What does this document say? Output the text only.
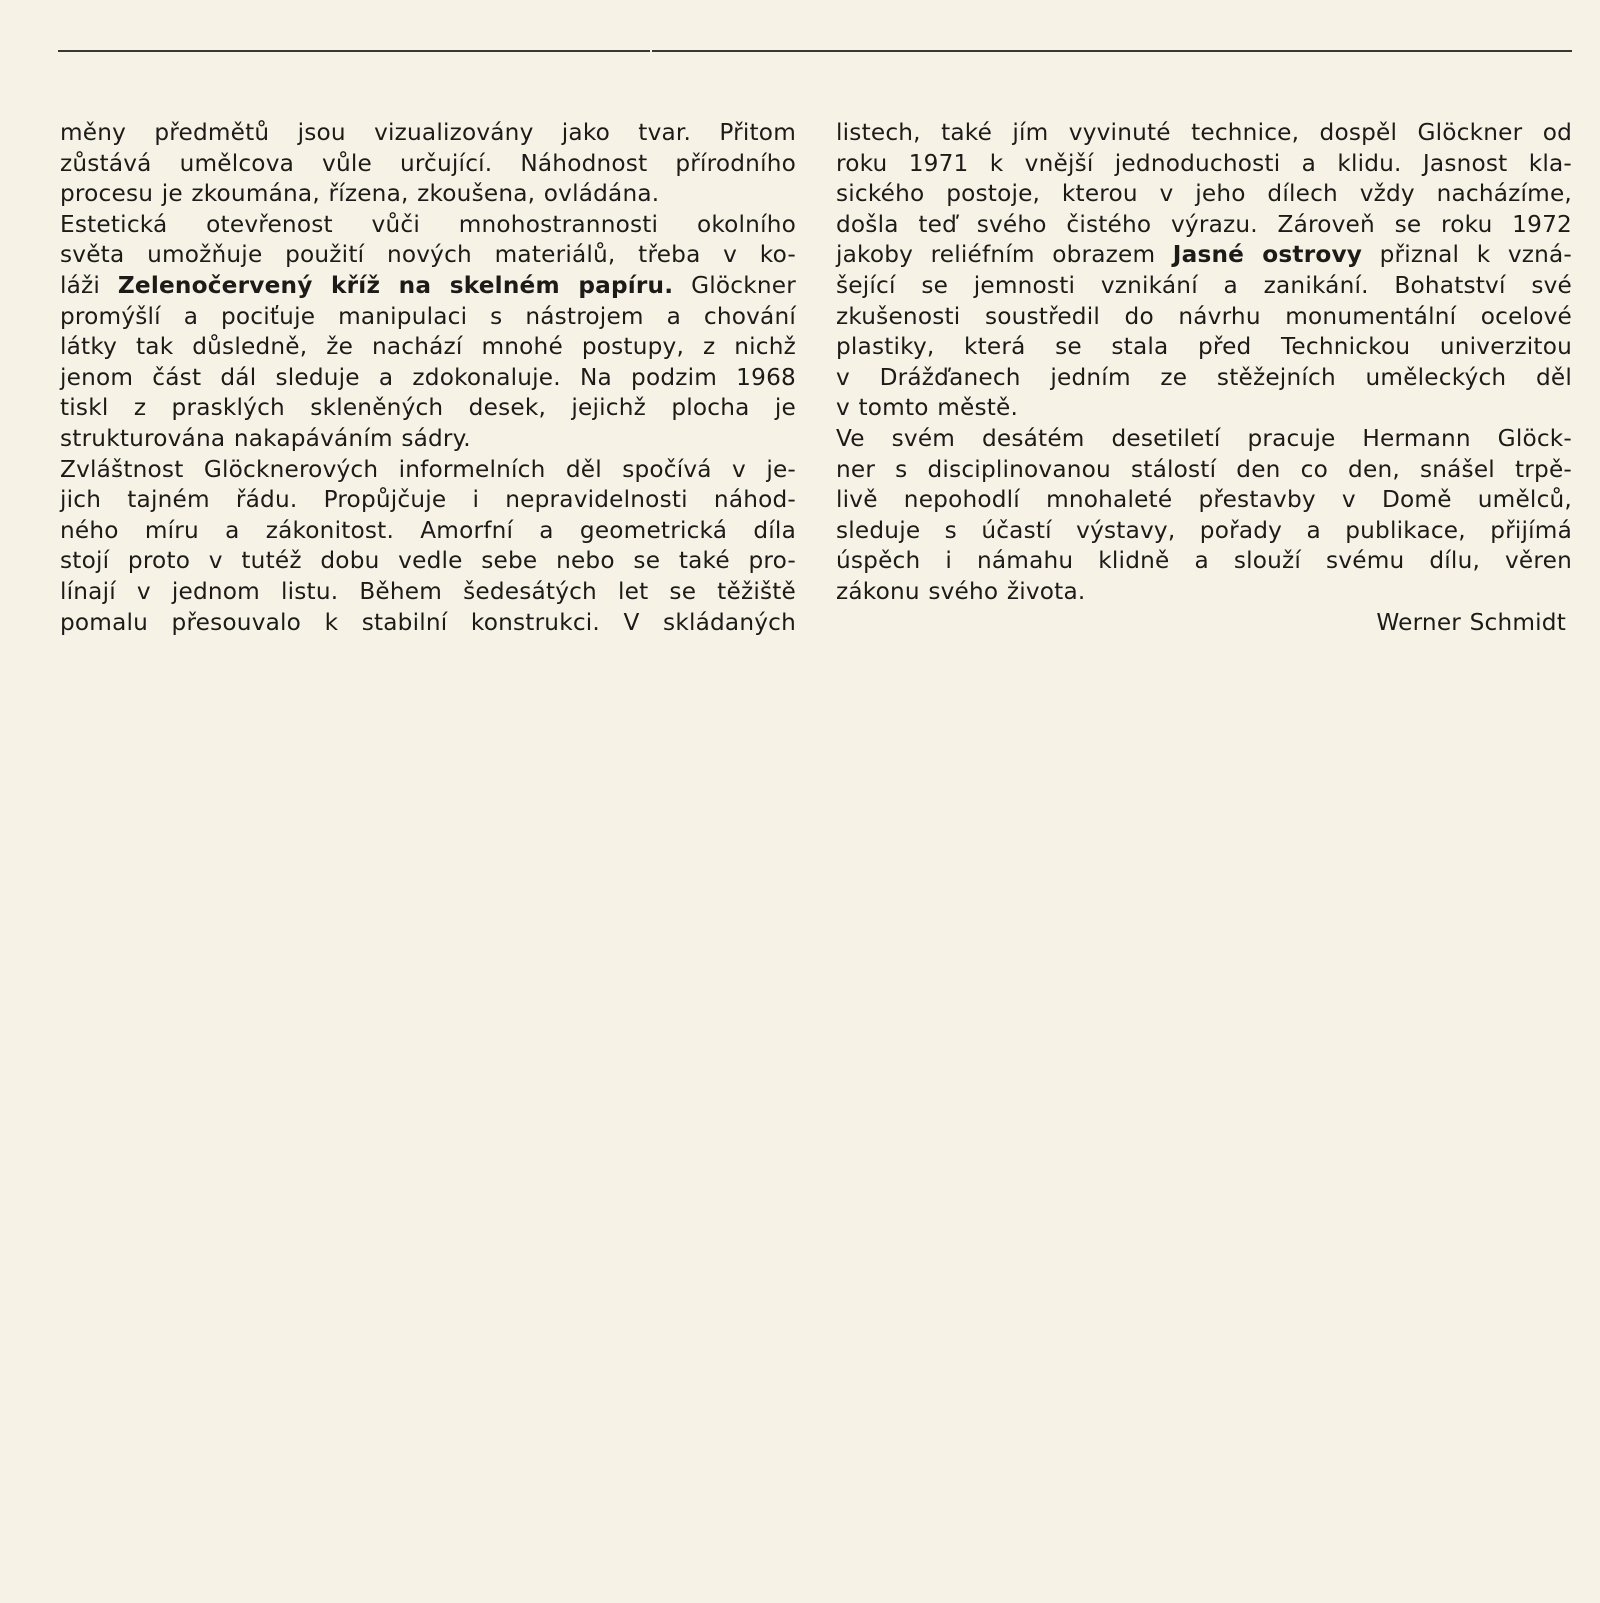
měny předmětů jsou vizualizovány jako tvar. Přitom
zůstává umělcova vůle určující. Náhodnost přírodního
procesu je zkoumána, řízena, zkoušena, ovládána.
Estetická otevřenost vůči mnohostrannosti okolního
světa umožňuje použití nových materiálů, třeba v ko-
láži Zelenočervený kříž na skelném papíru. Glöckner
promýšlí a pociťuje manipulaci s nástrojem a chování
látky tak důsledně, že nachází mnohé postupy, z nichž
jenom část dál sleduje a zdokonaluje. Na podzim 1968
tiskl z prasklých skleněných desek, jejichž plocha je
strukturována nakapáváním sádry.
Zvláštnost Glöcknerových informelních děl spočívá v je-
jich tajném řádu. Propůjčuje i nepravidelnosti náhod-
ného míru a zákonitost. Amorfní a geometrická díla
stojí proto v tutéž dobu vedle sebe nebo se také pro-
línají v jednom listu. Během šedesátých let se těžiště
pomalu přesouvalo k stabilní konstrukci. V skládaných
listech, také jím vyvinuté technice, dospěl Glöckner od
roku 1971 k vnější jednoduchosti a klidu. Jasnost kla-
sického postoje, kterou v jeho dílech vždy nacházíme,
došla teď svého čistého výrazu. Zároveň se roku 1972
jakoby reliéfním obrazem Jasné ostrovy přiznal k vzná-
šející se jemnosti vznikání a zanikání. Bohatství své
zkušenosti soustředil do návrhu monumentální ocelové
plastiky, která se stala před Technickou univerzitou
v Drážďanech jedním ze stěžejních uměleckých děl
v tomto městě.
Ve svém desátém desetiletí pracuje Hermann Glöck-
ner s disciplinovanou stálostí den co den, snášel trpě-
livě nepohodlí mnohaleté přestavby v Domě umělců,
sleduje s účastí výstavy, pořady a publikace, přijímá
úspěch i námahu klidně a slouží svému dílu, věren
zákonu svého života.
Werner Schmidt
